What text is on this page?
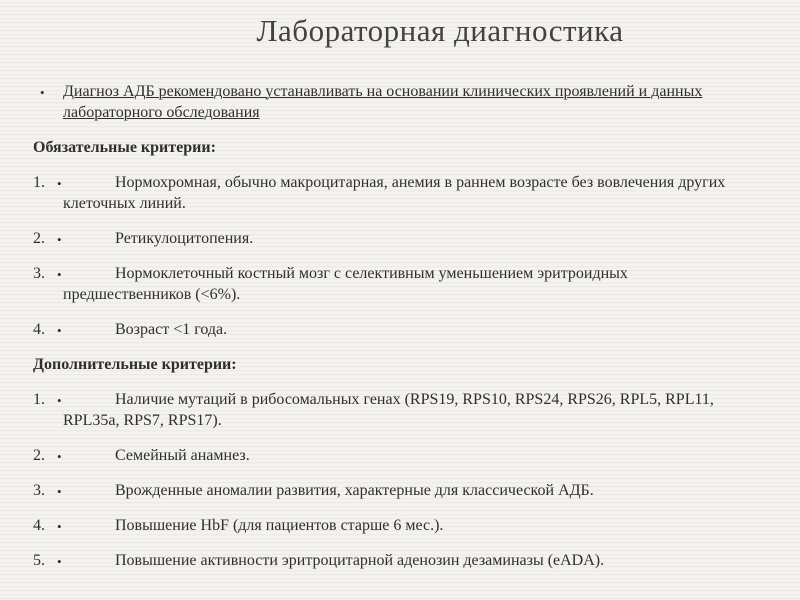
Лабораторная диагностика
• Диагноз АДБ рекомендовано устанавливать на основании клинических проявлений и данных
лабораторного обследования
Обязательные критерии:
1. •	Нормохромная, обычно макроцитарная, анемия в раннем возрасте без вовлечения других
клеточных линий.
2. •	Ретикулоцитопения.
3. •	Нормоклеточный костный мозг с селективным уменьшением эритроидных
предшественников (<6%).
4. •	Возраст <1 года.
Дополнительные критерии:
1. •	Наличие мутаций в рибосомальных генах (RPS19, RPS10, RPS24, RPS26, RPL5, RPL11,
RPL35a, RPS7, RPS17).
2. •	Семейный анамнез.
3. •	Врожденные аномалии развития, характерные для классической АДБ.
4. •	Повышение HbF (для пациентов старше 6 мес.).
5. •	Повышение активности эритроцитарной аденозин дезаминазы (eADA).
